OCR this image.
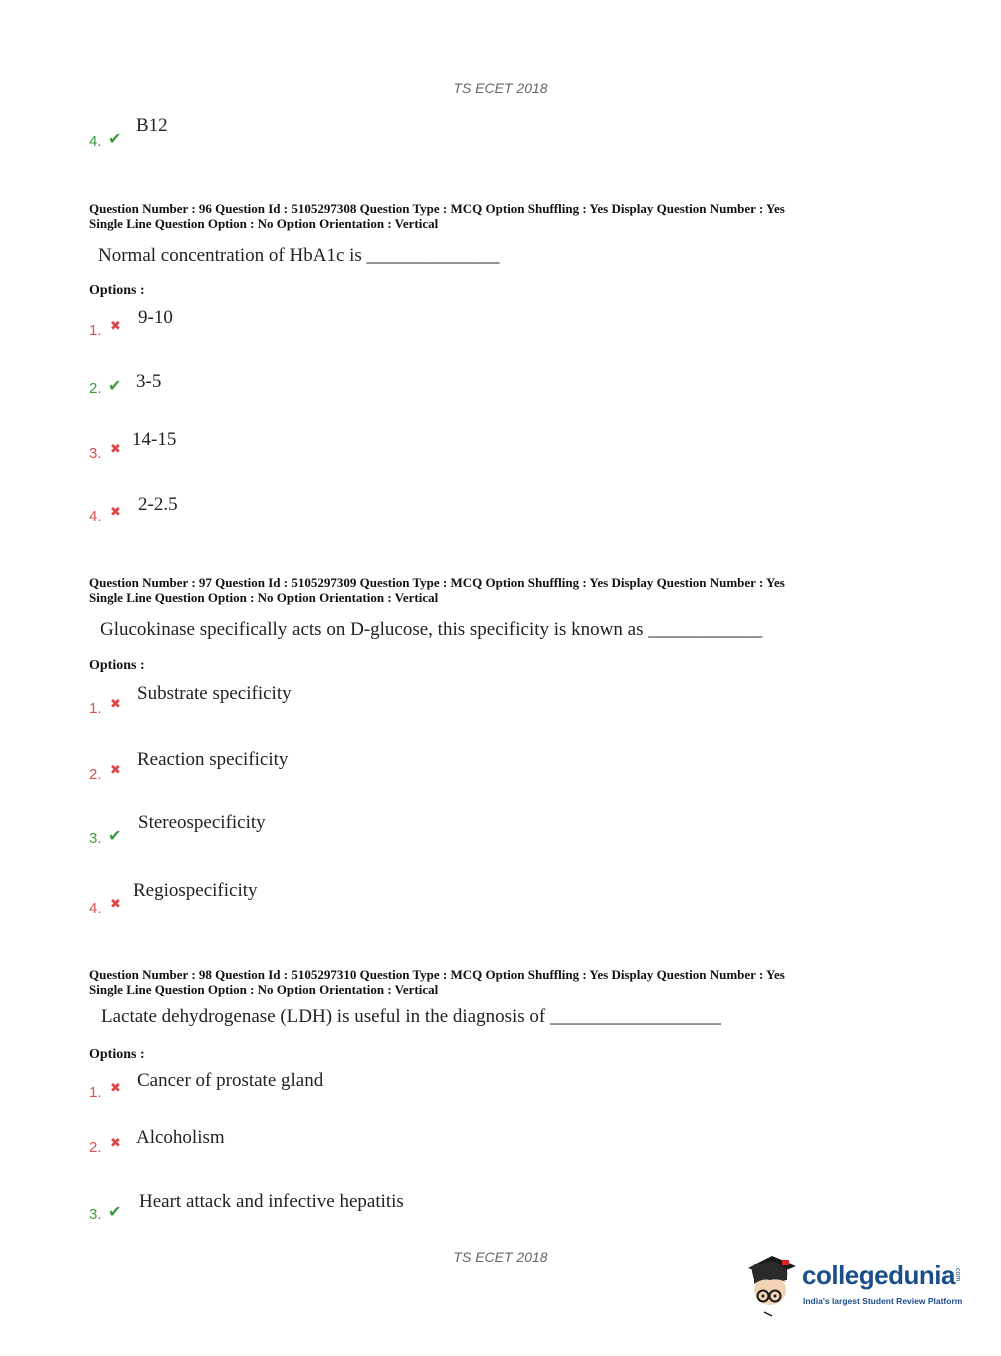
TS ECET 2018
4. ✔
B12
Question Number : 96 Question Id : 5105297308 Question Type : MCQ Option Shuffling : Yes Display Question Number : Yes
Single Line Question Option : No Option Orientation : Vertical
Normal concentration of HbA1c is ______________
Options :
1. ✖ 9-10
2. ✔ 3-5
3. ✖ 14-15
4. ✖ 2-2.5
Question Number : 97 Question Id : 5105297309 Question Type : MCQ Option Shuffling : Yes Display Question Number : Yes
Single Line Question Option : No Option Orientation : Vertical
Glucokinase specifically acts on D-glucose, this specificity is known as ____________
Options :
1. ✖
Substrate specificity
2. ✖
Reaction specificity
3. ✔
Stereospecificity
4. ✖
Regiospecificity
Question Number : 98 Question Id : 5105297310 Question Type : MCQ Option Shuffling : Yes Display Question Number : Yes
Single Line Question Option : No Option Orientation : Vertical
Lactate dehydrogenase (LDH) is useful in the diagnosis of __________________
Options :
1. ✖ Cancer of prostate gland
2. ✖ Alcoholism
3. ✔ Heart attack and infective hepatitis
TS ECET 2018
collegedunia .com
India's largest Student Review Platform
